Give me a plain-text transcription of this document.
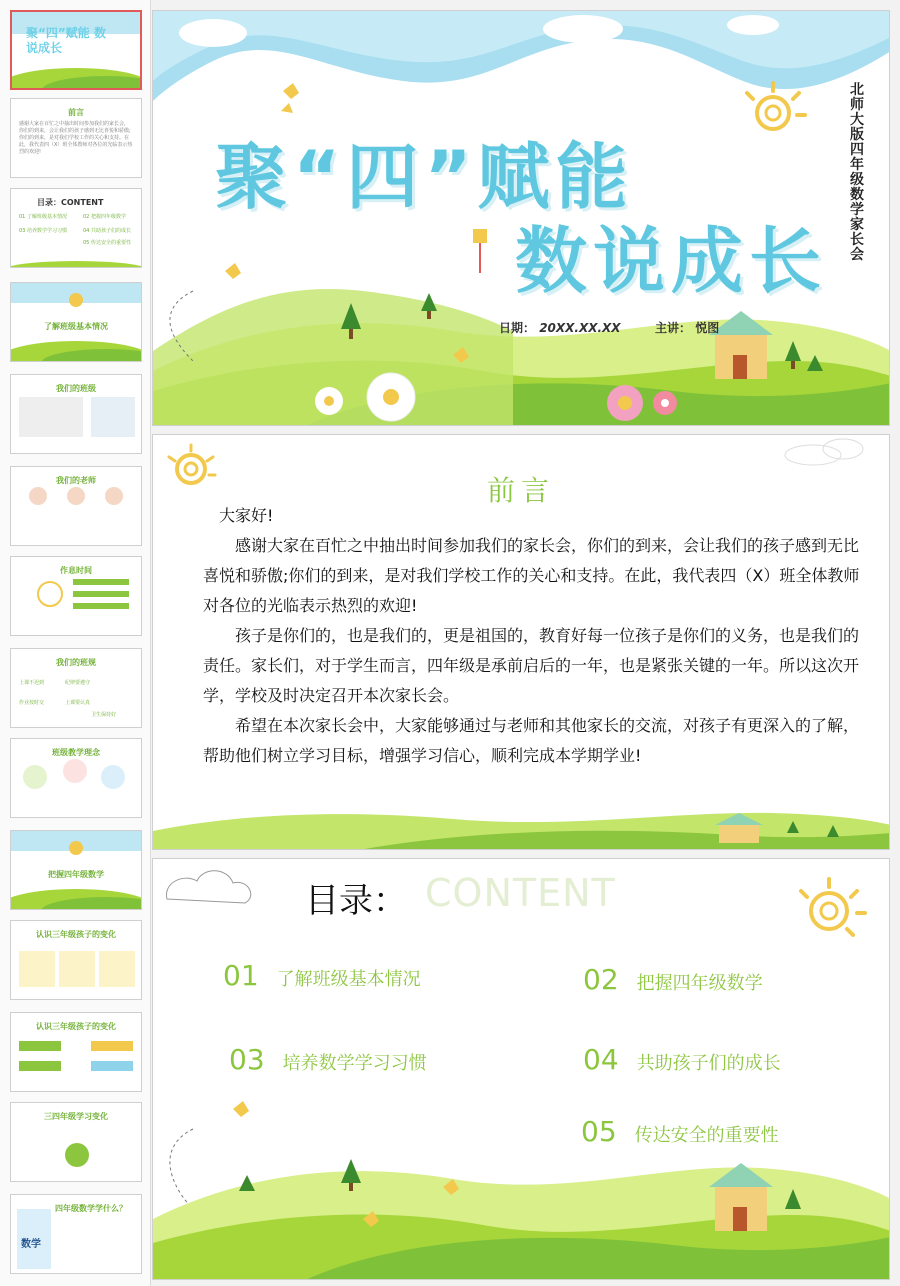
聚“四”赋能 数说成长
前言
感谢大家在百忙之中抽出时间参加我们的家长会，你们的到来，会让我们的孩子感到无比喜悦和骄傲;你们的到来，是对我们学校工作的关心和支持。在此，我代表四（X）班全体教师对各位的光临表示热烈的欢迎!
目录：CONTENT
01 了解班级基本情况	02 把握四年级数学
03 培养数学学习习惯	04 共助孩子们的成长
05 传达安全的重要性
了解班级基本情况
我们的班级
我们的老师
作息时间
我们的班规
上课不迟到	纪律要遵守
作业按时交	上课要认真
卫生保持好
班级教学理念
把握四年级数学
认识三年级孩子的变化
认识三年级孩子的变化
三四年级学习变化
四年级数学学什么？
数学
聚“四”赋能
数说成长
北师大版四年级数学家长会
日期： 20XX.XX.XX	主讲： 悦图
前言

大家好!

感谢大家在百忙之中抽出时间参加我们的家长会，你们的到来，会让我们的孩子感到无比喜悦和骄傲;你们的到来，是对我们学校工作的关心和支持。在此，我代表四（X）班全体教师对各位的光临表示热烈的欢迎!

孩子是你们的，也是我们的，更是祖国的，教育好每一位孩子是你们的义务，也是我们的责任。家长们，对于学生而言，四年级是承前启后的一年，也是紧张关键的一年。所以这次开学，学校及时决定召开本次家长会。

希望在本次家长会中，大家能够通过与老师和其他家长的交流，对孩子有更深入的了解，帮助他们树立学习目标，增强学习信心，顺利完成本学期学业!

目录： CONTENT
01 了解班级基本情况	02 把握四年级数学
03 培养数学学习习惯	04 共助孩子们的成长
05 传达安全的重要性
